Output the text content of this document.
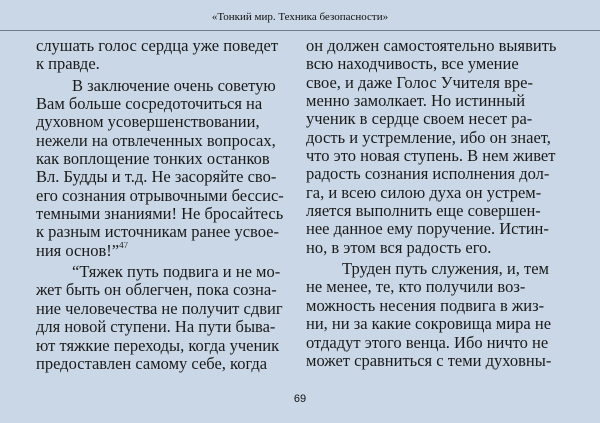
«Тонкий мир. Техника безопасности»
слушать голос сердца уже поведет
к правде.
В заключение очень советую
Вам больше сосредоточиться на
духовном усовершенствовании,
нежели на отвлеченных вопросах,
как воплощение тонких останков
Вл. Будды и т.д. Не засоряйте сво-
его сознания отрывочными бессис-
темными знаниями! Не бросайтесь
к разным источникам ранее усвое-
ния основ!”$^{47}$
“Тяжек путь подвига и не мо-
жет быть он облегчен, пока созна-
ние человечества не получит сдвиг
для новой ступени. На пути быва-
ют тяжкие переходы, когда ученик
предоставлен самому себе, когда
он должен самостоятельно выявить
всю находчивость, все умение
свое, и даже Голос Учителя вре-
менно замолкает. Но истинный
ученик в сердце своем несет ра-
дость и устремление, ибо он знает,
что это новая ступень. В нем живет
радость сознания исполнения дол-
га, и всею силою духа он устрем-
ляется выполнить еще совершен-
нее данное ему поручение. Истин-
но, в этом вся радость его.
Труден путь служения, и, тем
не менее, те, кто получили воз-
можность несения подвига в жиз-
ни, ни за какие сокровища мира не
отдадут этого венца. Ибо ничто не
может сравниться с теми духовны-
69
